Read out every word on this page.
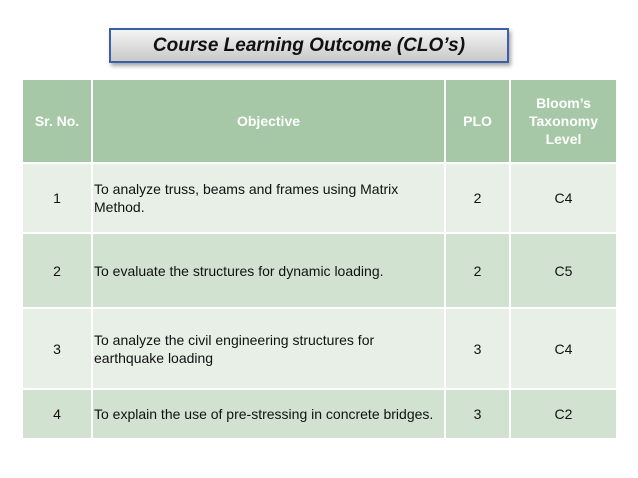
Course Learning Outcome (CLO’s)
Sr. No.	Objective	PLO	Bloom’s Taxonomy Level
1	To analyze truss, beams and frames using Matrix Method.	2	C4
2	To evaluate the structures for dynamic loading.	2	C5
3	To analyze the civil engineering structures for earthquake loading	3	C4
4	To explain the use of pre-stressing in concrete bridges.	3	C2
